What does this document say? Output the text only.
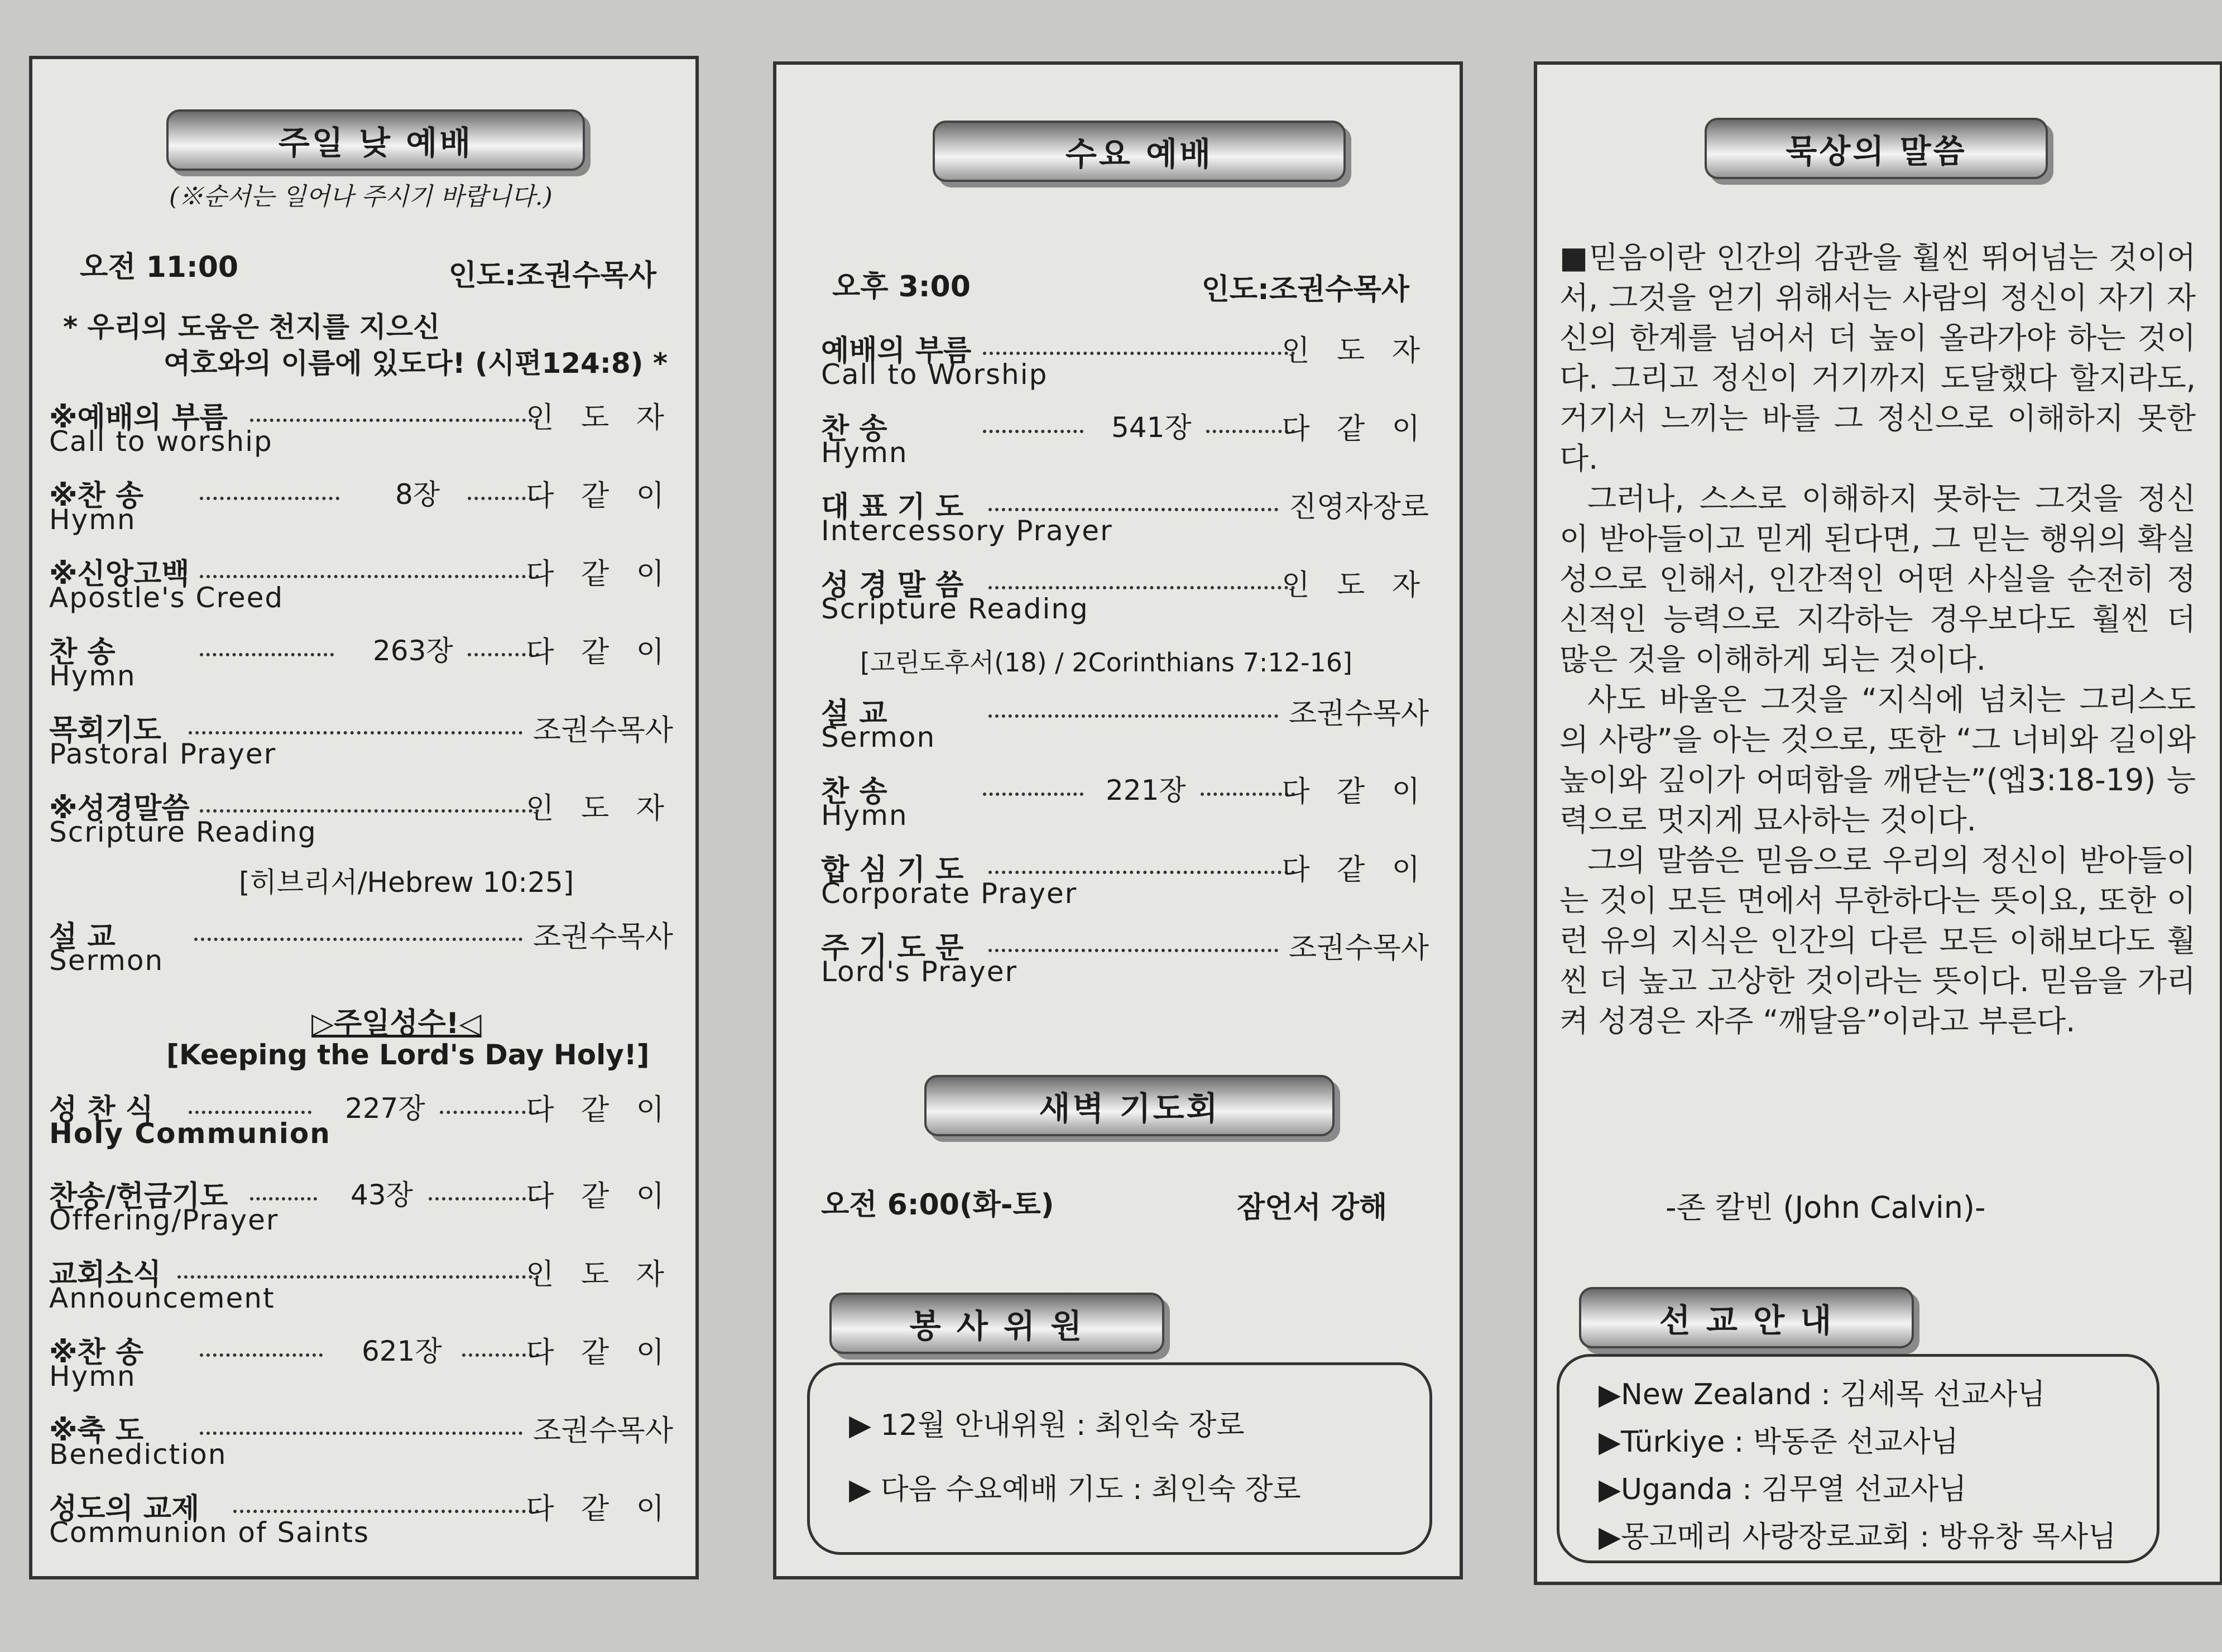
주일 낮 예배
(※순서는 일어나 주시기 바랍니다.)
오전 11:00	인도:조권수목사
* 우리의 도움은 천지를 지으신
여호와의 이름에 있도다! (시편124:8) *
※예배의 부름	인 도 자
Call to worship
※찬 송	8장	다 같 이
Hymn
※신앙고백	다 같 이
Apostle's Creed
찬 송	263장	다 같 이
Hymn
목회기도	조권수목사
Pastoral Prayer
※성경말씀	인 도 자
Scripture Reading
[히브리서/Hebrew 10:25]
설 교	조권수목사
Sermon
▷주일성수!◁
[Keeping the Lord's Day Holy!]
성 찬 식	227장	다 같 이
Holy Communion
찬송/헌금기도	43장	다 같 이
Offering/Prayer
교회소식	인 도 자
Announcement
※찬 송	621장	다 같 이
Hymn
※축 도	조권수목사
Benediction
성도의 교제	다 같 이
Communion of Saints
수요 예배
오후 3:00	인도:조권수목사
예배의 부름	인 도 자
Call to Worship
찬 송	541장	다 같 이
Hymn
대 표 기 도	진영자장로
Intercessory Prayer
성 경 말 씀	인 도 자
Scripture Reading
[고린도후서(18) / 2Corinthians 7:12-16]
설 교	조권수목사
Sermon
찬 송	221장	다 같 이
Hymn
합 심 기 도	다 같 이
Corporate Prayer
주 기 도 문	조권수목사
Lord's Prayer
새벽 기도회
오전 6:00(화-토)	잠언서 강해
봉 사 위 원
▶ 12월 안내위원 : 최인숙 장로
▶ 다음 수요예배 기도 : 최인숙 장로
묵상의 말씀

■믿음이란 인간의 감관을 훨씬 뛰어넘는 것이어서, 그것을 얻기 위해서는 사람의 정신이 자기 자신의 한계를 넘어서 더 높이 올라가야 하는 것이다. 그리고 정신이 거기까지 도달했다 할지라도, 거기서 느끼는 바를 그 정신으로 이해하지 못한다.

그러나, 스스로 이해하지 못하는 그것을 정신이 받아들이고 믿게 된다면, 그 믿는 행위의 확실성으로 인해서, 인간적인 어떤 사실을 순전히 정신적인 능력으로 지각하는 경우보다도 훨씬 더 많은 것을 이해하게 되는 것이다.

사도 바울은 그것을 “지식에 넘치는 그리스도의 사랑”을 아는 것으로, 또한 “그 너비와 길이와 높이와 깊이가 어떠함을 깨닫는”(엡3:18-19) 능력으로 멋지게 묘사하는 것이다.

그의 말씀은 믿음으로 우리의 정신이 받아들이는 것이 모든 면에서 무한하다는 뜻이요, 또한 이런 유의 지식은 인간의 다른 모든 이해보다도 훨씬 더 높고 고상한 것이라는 뜻이다. 믿음을 가리켜 성경은 자주 “깨달음”이라고 부른다.

-존 칼빈 (John Calvin)-
선 교 안 내
▶New Zealand : 김세목 선교사님
▶Türkiye : 박동준 선교사님
▶Uganda : 김무열 선교사님
▶몽고메리 사랑장로교회 : 방유창 목사님
